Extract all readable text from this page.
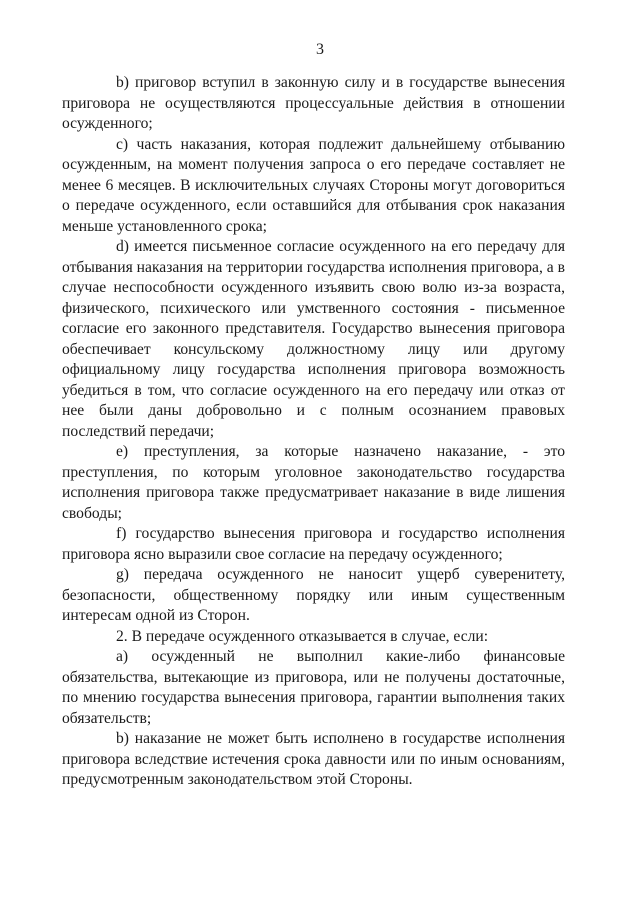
3

b) приговор вступил в законную силу и в государстве вынесения приговора не осуществляются процессуальные действия в отношении осужденного;

с) часть наказания, которая подлежит дальнейшему отбыванию осужденным, на момент получения запроса о его передаче составляет не менее 6 месяцев. В исключительных случаях Стороны могут договориться о передаче осужденного, если оставшийся для отбывания срок наказания меньше установленного срока;

d) имеется письменное согласие осужденного на его передачу для отбывания наказания на территории государства исполнения приговора, а в случае неспособности осужденного изъявить свою волю из-за возраста, физического, психического или умственного состояния - письменное согласие его законного представителя. Государство вынесения приговора обеспечивает консульскому должностному лицу или другому официальному лицу государства исполнения приговора возможность убедиться в том, что согласие осужденного на его передачу или отказ от нее были даны добровольно и с полным осознанием правовых последствий передачи;

е) преступления, за которые назначено наказание, - это преступления, по которым уголовное законодательство государства исполнения приговора также предусматривает наказание в виде лишения свободы;

f) государство вынесения приговора и государство исполнения приговора ясно выразили свое согласие на передачу осужденного;

g) передача осужденного не наносит ущерб суверенитету, безопасности, общественному порядку или иным существенным интересам одной из Сторон.

2. В передаче осужденного отказывается в случае, если:

а) осужденный не выполнил какие-либо финансовые обязательства, вытекающие из приговора, или не получены достаточные, по мнению государства вынесения приговора, гарантии выполнения таких обязательств;

b) наказание не может быть исполнено в государстве исполнения приговора вследствие истечения срока давности или по иным основаниям, предусмотренным законодательством этой Стороны.
